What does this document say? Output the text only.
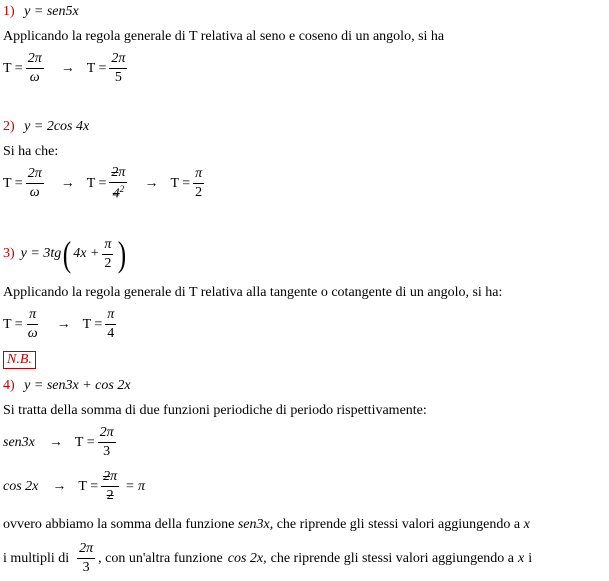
1) y = sen5x
Applicando la regola generale di T relativa al seno e coseno di un angolo, si ha
$T = \frac{2\pi}{\omega} \to T = \frac{2\pi}{5}$
2) y = 2cos 4x
Si ha che:
$T = \frac{2\pi}{\omega} \to T = \frac{2\pi}{4^2} \to T = \frac{\pi}{2}$
3) y = 3tg ( $4x + \frac{\pi}{2}$ )
Applicando la regola generale di T relativa alla tangente o cotangente di un angolo, si ha:
$T = \frac{\pi}{\omega} \to T = \frac{\pi}{4}$
N.B.
4) y = sen3x + cos 2x
Si tratta della somma di due funzioni periodiche di periodo rispettivamente:
$sen3x \to T = \frac{2\pi}{3}$
$\cos 2x \to T = \frac{2\pi}{2} = \pi$
ovvero abbiamo la somma della funzione sen3x, che riprende gli stessi valori aggiungendo a x
i multipli di $\frac{2\pi}{3}$ , con un'altra funzione cos 2x, che riprende gli stessi valori aggiungendo a x i
